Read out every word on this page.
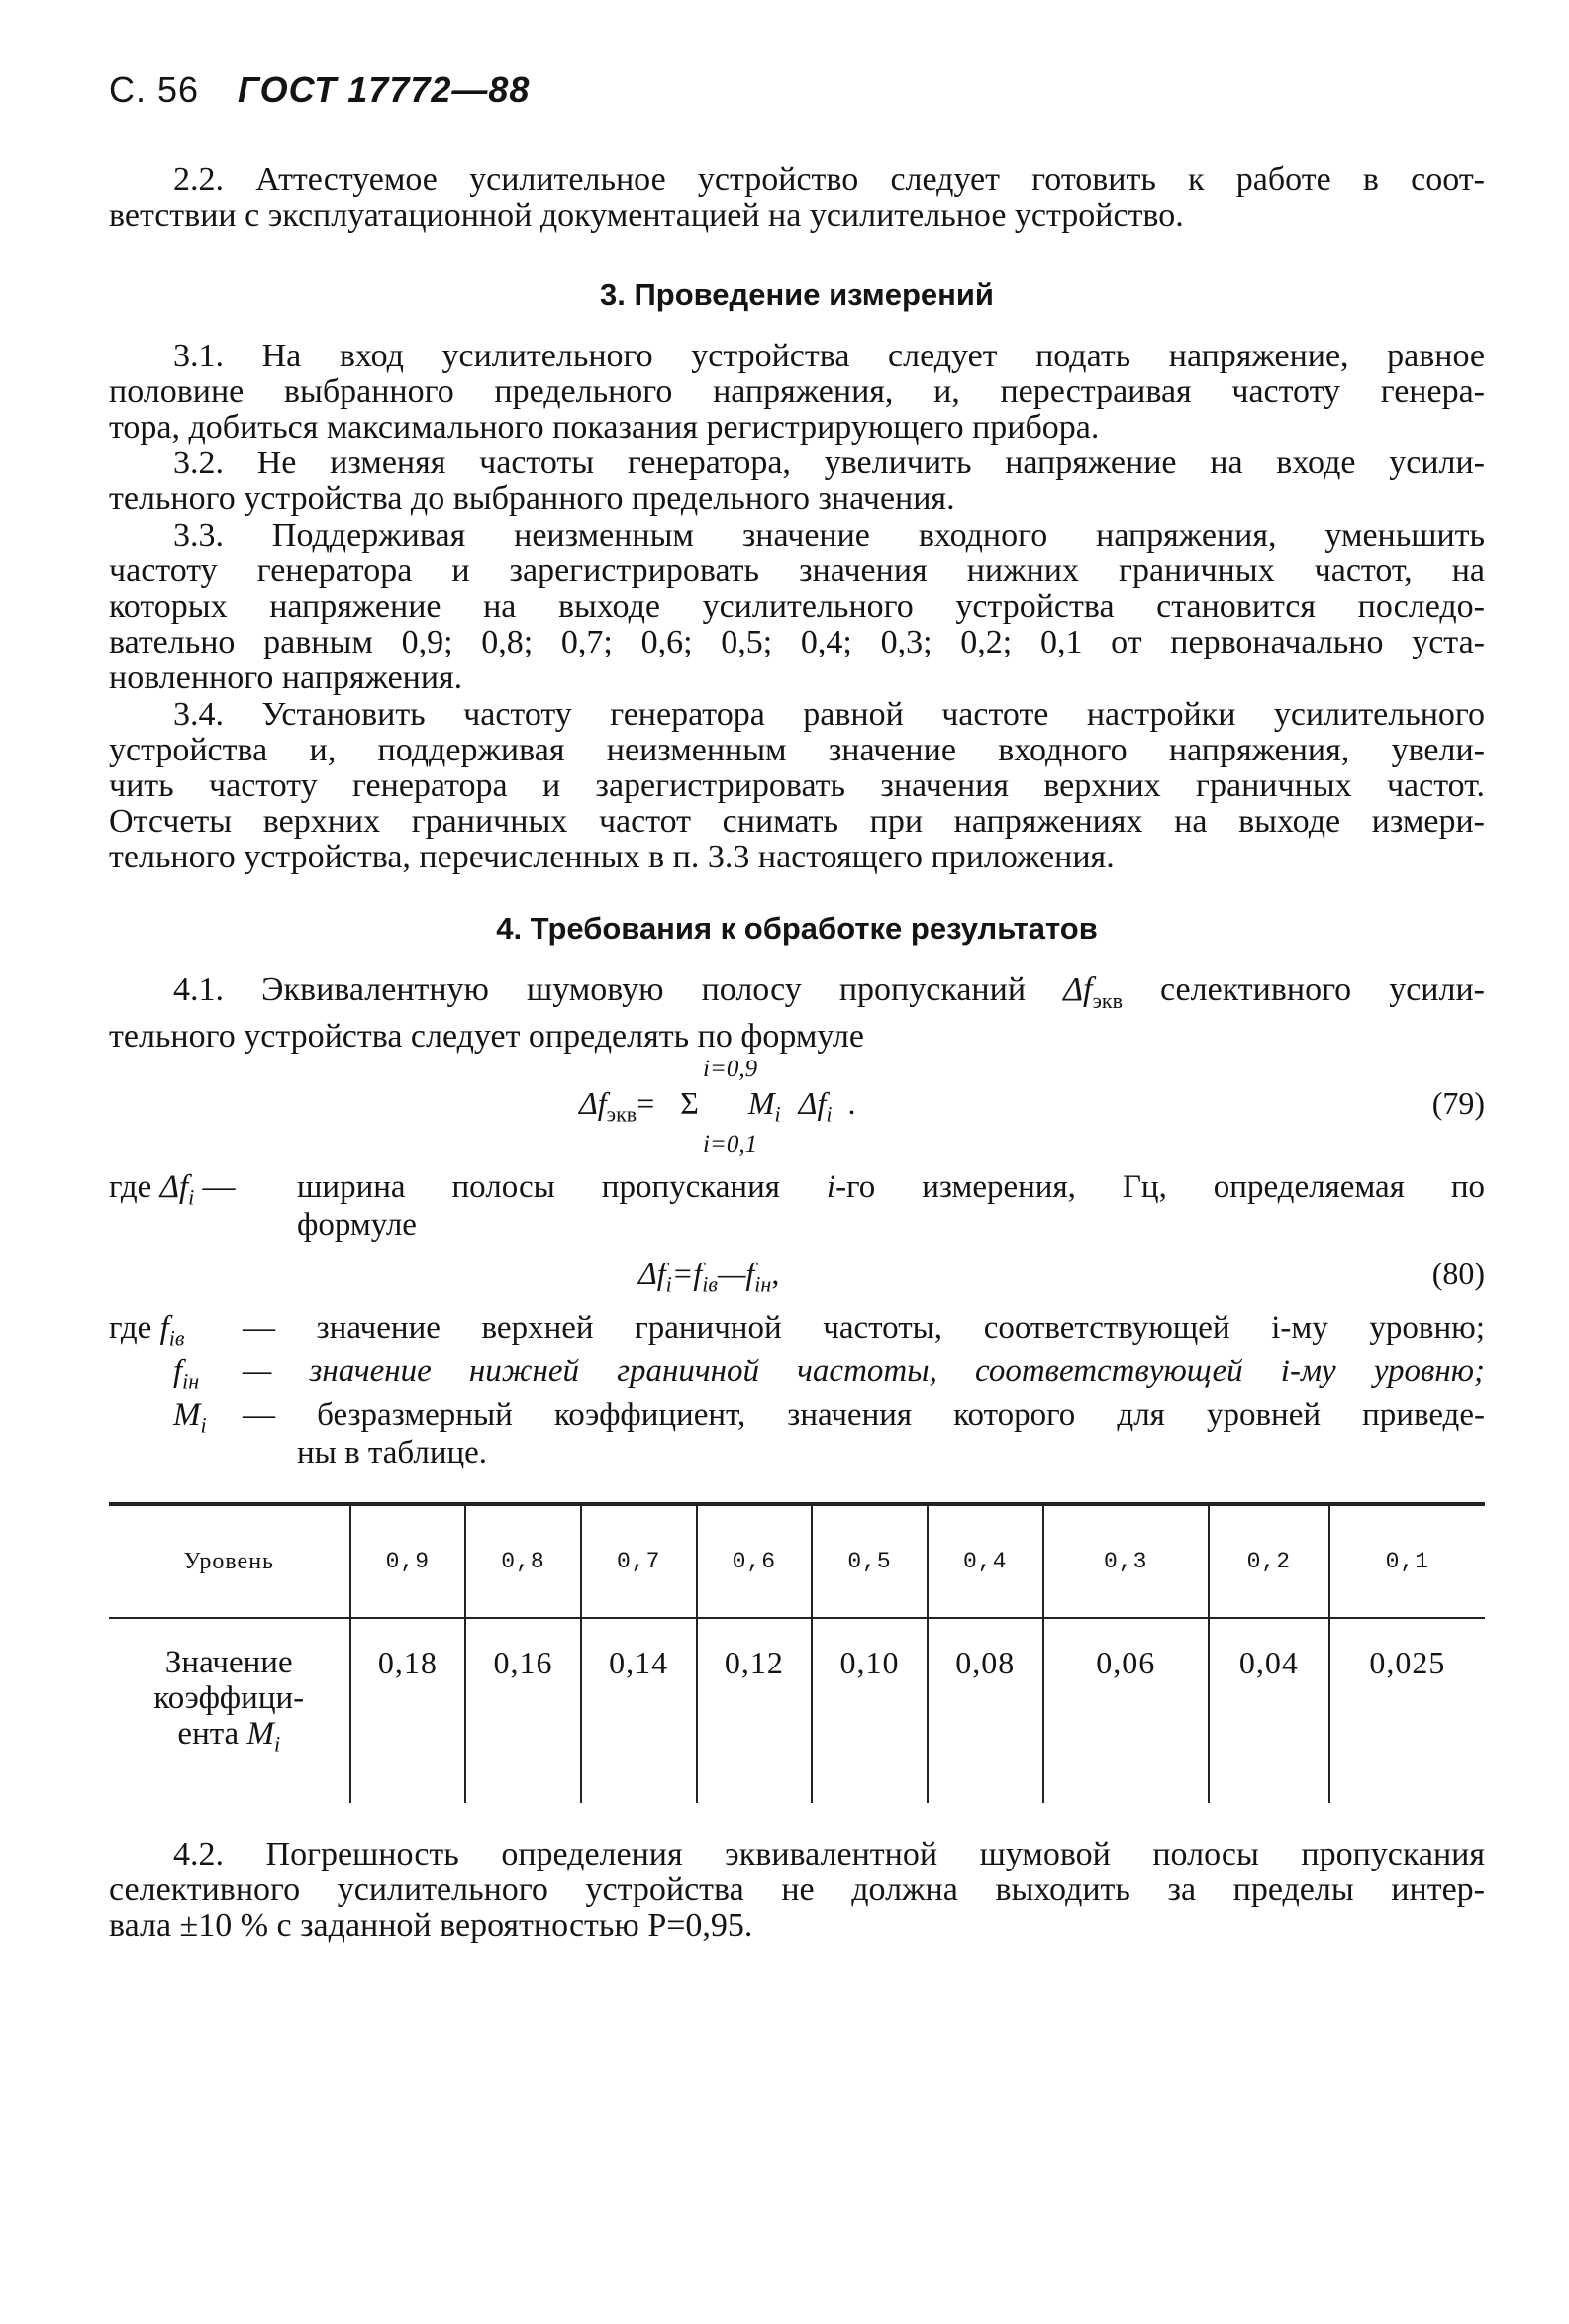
С. 56 ГОСТ 17772—88
2.2. Аттестуемое усилительное устройство следует готовить к работе в соот-
ветствии с эксплуатационной документацией на усилительное устройство.
3. Проведение измерений
3.1. На вход усилительного устройства следует подать напряжение, равное
половине выбранного предельного напряжения, и, перестраивая частоту генера-
тора, добиться максимального показания регистрирующего прибора.
3.2. Не изменяя частоты генератора, увеличить напряжение на входе усили-
тельного устройства до выбранного предельного значения.
3.3. Поддерживая неизменным значение входного напряжения, уменьшить
частоту генератора и зарегистрировать значения нижних граничных частот, на
которых напряжение на выходе усилительного устройства становится последо-
вательно равным 0,9; 0,8; 0,7; 0,6; 0,5; 0,4; 0,3; 0,2; 0,1 от первоначально уста-
новленного напряжения.
3.4. Установить частоту генератора равной частоте настройки усилительного
устройства и, поддерживая неизменным значение входного напряжения, увели-
чить частоту генератора и зарегистрировать значения верхних граничных частот.
Отсчеты верхних граничных частот снимать при напряжениях на выходе измери-
тельного устройства, перечисленных в п. 3.3 настоящего приложения.
4. Требования к обработке результатов
4.1. Эквивалентную шумовую полосу пропусканий $\Delta f_{экв}$ селективного усили-
тельного устройства следует определять по формуле
i=0,9
$\Delta f_{экв}= \Sigma$ $M_i$ $\Delta f_i$ .
i=0,1
(79)
где $\Delta f_i$ — ширина полосы пропускания i-го измерения, Гц, определяемая по
формуле
$\Delta f_i=f_{iв}—f_{iн}$,	(80)
где $f_{iв}$ — значение верхней граничной частоты, соответствующей i-му уровню;
$f_{iн}$ — значение нижней граничной частоты, соответствующей i-му уровню;
$M_i$ — безразмерный коэффициент, значения которого для уровней приведе-
ны в таблице.
Уровень	0,9	0,8	0,7	0,6	0,5	0,4	0,3	0,2	0,1

Значение
коэффици-
ента $M_i$	0,18	0,16	0,14	0,12	0,10	0,08	0,06	0,04	0,025
4.2. Погрешность определения эквивалентной шумовой полосы пропускания
селективного усилительного устройства не должна выходить за пределы интер-
вала ±10 % с заданной вероятностью P=0,95.
